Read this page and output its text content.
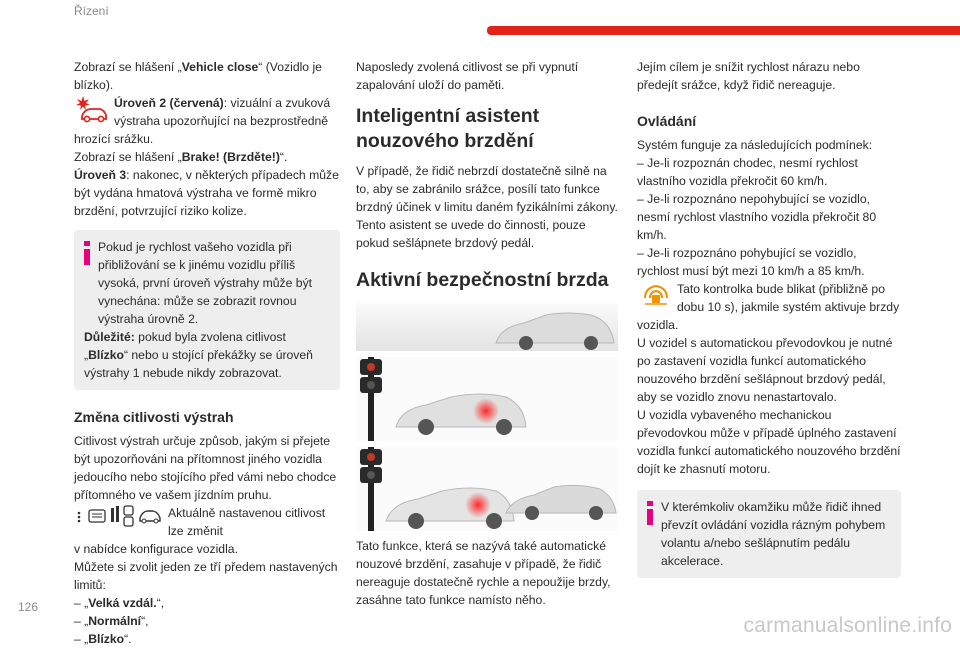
Řízení

Zobrazí se hlášení „Vehicle close“ (Vozidlo je blízko).

Úroveň 2 (červená): vizuální a zvuková výstraha upozorňující na bezprostředně hrozící srážku.

Zobrazí se hlášení „Brake! (Brzděte!)“.

Úroveň 3: nakonec, v některých případech může být vydána hmatová výstraha ve formě mikro brzdění, potvrzující riziko kolize.

Pokud je rychlost vašeho vozidla při přibližování se k jinému vozidlu příliš vysoká, první úroveň výstrahy může být vynechána: může se zobrazit rovnou výstraha úrovně 2.

Důležité: pokud byla zvolena citlivost „Blízko“ nebo u stojící překážky se úroveň výstrahy 1 nebude nikdy zobrazovat.

Změna citlivosti výstrah

Citlivost výstrah určuje způsob, jakým si přejete být upozorňováni na přítomnost jiného vozidla jedoucího nebo stojícího před vámi nebo chodce přítomného ve vašem jízdním pruhu.

Aktuálně nastavenou citlivost lze změnit

v nabídce konfigurace vozidla.

Můžete si zvolit jeden ze tří předem nastavených limitů:

– „Velká vzdál.“,

– „Normální“,

– „Blízko“.

Naposledy zvolená citlivost se při vypnutí zapalování uloží do paměti.

Inteligentní asistent nouzového brzdění

V případě, že řidič nebrzdí dostatečně silně na to, aby se zabránilo srážce, posílí tato funkce brzdný účinek v limitu daném fyzikálními zákony. Tento asistent se uvede do činnosti, pouze pokud sešlápnete brzdový pedál.

Aktivní bezpečnostní brzda

Tato funkce, která se nazývá také automatické nouzové brzdění, zasahuje v případě, že řidič nereaguje dostatečně rychle a nepoužije brzdy, zasáhne tato funkce namísto něho.

Jejím cílem je snížit rychlost nárazu nebo předejít srážce, když řidič nereaguje.

Ovládání

Systém funguje za následujících podmínek:

– Je-li rozpoznán chodec, nesmí rychlost vlastního vozidla překročit 60 km/h.

– Je-li rozpoznáno nepohybující se vozidlo, nesmí rychlost vlastního vozidla překročit 80 km/h.

– Je-li rozpoznáno pohybující se vozidlo, rychlost musí být mezi 10 km/h a 85 km/h.

Tato kontrolka bude blikat (přibližně po dobu 10 s), jakmile systém aktivuje brzdy vozidla.

U vozidel s automatickou převodovkou je nutné po zastavení vozidla funkcí automatického nouzového brzdění sešlápnout brzdový pedál, aby se vozidlo znovu nenastartovalo.

U vozidla vybaveného mechanickou převodovkou může v případě úplného zastavení vozidla funkcí automatického nouzového brzdění dojít ke zhasnutí motoru.

V kterémkoliv okamžiku může řidič ihned převzít ovládání vozidla rázným pohybem volantu a/nebo sešlápnutím pedálu akcelerace.

126
carmanualsonline.info
